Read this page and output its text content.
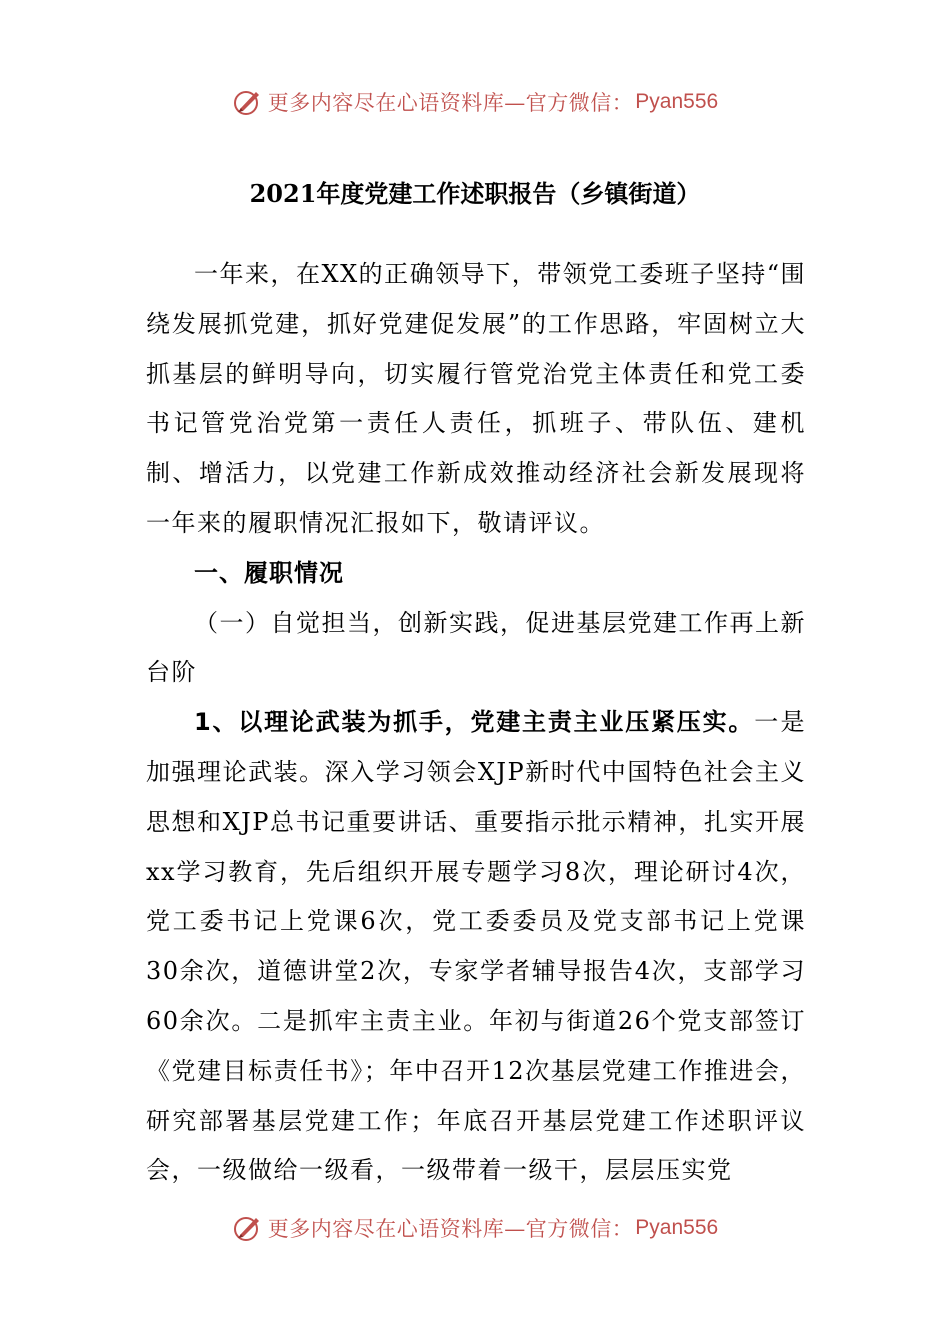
更多内容尽在心语资料库—官方微信： Pyan556
2021年度党建工作述职报告（乡镇街道）

一年来，在XX的正确领导下，带领党工委班子坚持“围绕发展抓党建，抓好党建促发展”的工作思路，牢固树立大抓基层的鲜明导向，切实履行管党治党主体责任和党工委书记管党治党第一责任人责任，抓班子、带队伍、建机制、增活力，以党建工作新成效推动经济社会新发展现将一年来的履职情况汇报如下，敬请评议。

一、履职情况

（一）自觉担当，创新实践，促进基层党建工作再上新台阶

1、以理论武装为抓手，党建主责主业压紧压实。一是加强理论武装。深入学习领会XJP新时代中国特色社会主义思想和XJP总书记重要讲话、重要指示批示精神，扎实开展xx学习教育，先后组织开展专题学习8次，理论研讨4次，党工委书记上党课6次，党工委委员及党支部书记上党课30余次，道德讲堂2次，专家学者辅导报告4次，支部学习60余次。二是抓牢主责主业。年初与街道26个党支部签订《党建目标责任书》；年中召开12次基层党建工作推进会，研究部署基层党建工作；年底召开基层党建工作述职评议会，一级做给一级看，一级带着一级干，层层压实党

更多内容尽在心语资料库—官方微信： Pyan556
